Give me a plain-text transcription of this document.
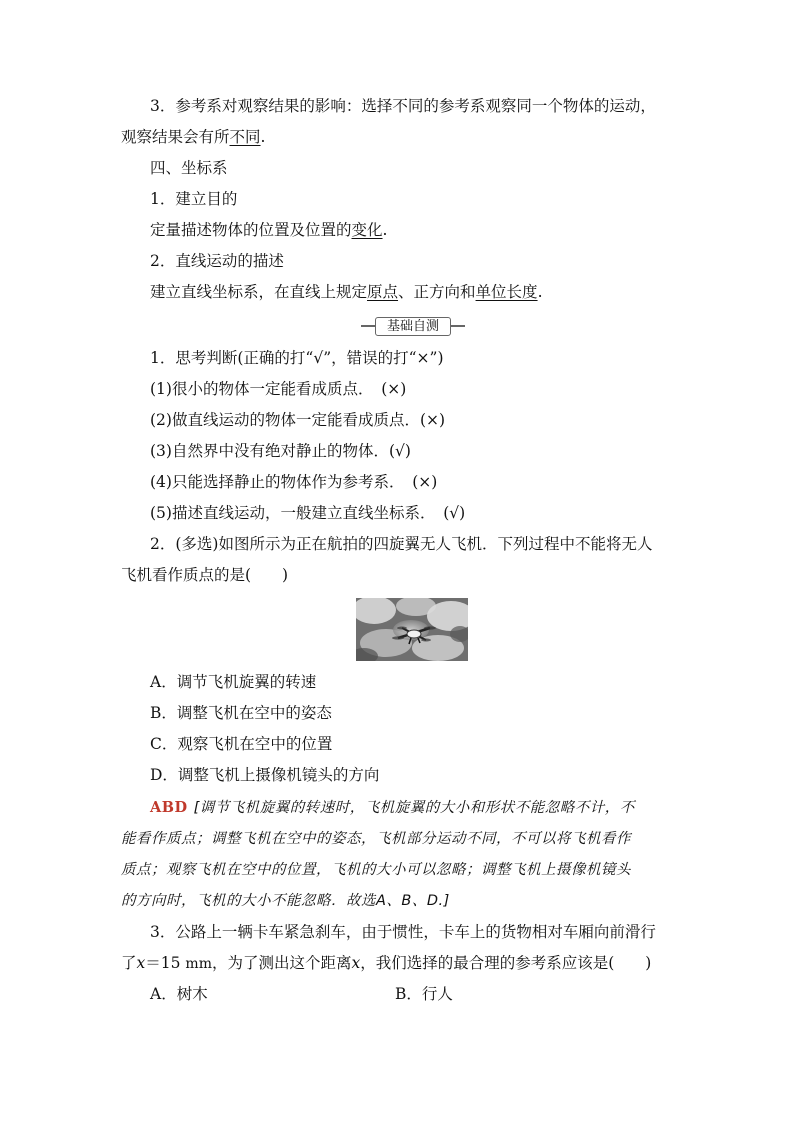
3．参考系对观察结果的影响：选择不同的参考系观察同一个物体的运动，
观察结果会有所不同.
四、坐标系
1．建立目的
定量描述物体的位置及位置的变化.
2．直线运动的描述
建立直线坐标系，在直线上规定原点、正方向和单位长度.
基础自测
1．思考判断(正确的打“√”，错误的打“×”)
(1)很小的物体一定能看成质点．　(×)
(2)做直线运动的物体一定能看成质点．(×)
(3)自然界中没有绝对静止的物体．(√)
(4)只能选择静止的物体作为参考系．　(×)
(5)描述直线运动，一般建立直线坐标系．　(√)
2．(多选)如图所示为正在航拍的四旋翼无人飞机．下列过程中不能将无人
飞机看作质点的是(　　)
A．调节飞机旋翼的转速
B．调整飞机在空中的姿态
C．观察飞机在空中的位置
D．调整飞机上摄像机镜头的方向
ABD [调节飞机旋翼的转速时，飞机旋翼的大小和形状不能忽略不计，不
能看作质点；调整飞机在空中的姿态，飞机部分运动不同，不可以将飞机看作
质点；观察飞机在空中的位置，飞机的大小可以忽略；调整飞机上摄像机镜头
的方向时，飞机的大小不能忽略．故选A、B、D.]
3．公路上一辆卡车紧急刹车，由于惯性，卡车上的货物相对车厢向前滑行
了x＝15 mm，为了测出这个距离x，我们选择的最合理的参考系应该是(　　)
A．树木	B．行人
